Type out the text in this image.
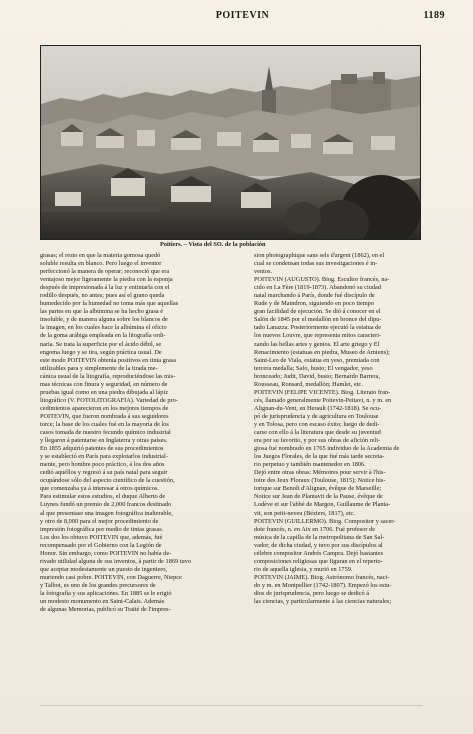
POITEVIN	1189
Poitiers. – Vista del SO. de la población
grasas; el resto en que la materia gomosa quedó
soluble resulta en blanco. Pero luego el inventor
perfeccionó la manera de operar; reconoció que era
ventajoso mejor ligeramente la piedra con la esponja
después de impresionada á la luz y entintarla con el
rodillo después, no antes; pues así el grano queda
humedecido por la humedad no toma más que aquellas
las partes en que la albúmina se ha hecho grasa é
insoluble, y de manera alguna sobre los blancos de
la imagen, en los cuales hace la albúmina el oficio
de la goma arábiga empleada en la litografía ordi-
naria. Se trata la superficie por el ácido débil, se
engoma luego y se tira, según práctica usual. De
este modo POITEVIN obtenía positivos en tinta grasa
utilizables para y simplemente de la tirada me-
cánica usual de la litografía, reproduciéndose las mis-
mas técnicas con finura y seguridad, en número de
pruebas igual como en una piedra dibujada al lápiz
litográfico (V. FOTOLITOGRAFÍA). Variedad de pro-
cedimientos aparecieron en los mejores tiempos de
POITEVIN, que fueron nombrada á sus seguidores
torce; la base de los cuales fué en la mayoría de los
casos tomada de nuestro fecundo químico industrial
y llegaron á patentarse en Inglaterra y otras países.
En 1855 adquirió patentes de sus procedimientos
y se estableció en París para explotarlos industrial-
mente, pero hombre poco práctico, á los dos años
cedió aquéllos y regresó á su país natal para seguir
ocupándose sólo del aspecto científico de la cuestión,
que comenzaba ya á interesar á otros químicos.
Para estimular estos estudios, el duque Alberto de
Luynes fundó un premio de 2,000 francos destinado
al que presentase una imagen fotográfica inalterable,
y otro de 8,000 para el mejor procedimiento de
impresión fotográfica por medio de tintas grasas.
Los dos los obtuvo POITEVIN que, además, fué
recompensado por el Gobierno con la Legión de
Honor. Sin embargo, como POITEVIN no había de-
rivado utilidad alguna de sus inventos, á partir de 1869 tuvo
que aceptar modestamente un puesto de ingeniero,
muriendo casi pobre. POITEVIN, con Daguerre, Niepce
y Talbot, es uno de los grandes precursores de
la fotografía y sus aplicaciones. En 1885 se le erigió
un modesto monumento en Saint-Calais. Además
de algunas Memorias, publicó su Traité de l'impres-
sion photographique sans sels d'argent (1862), en el
cual se condensan todas sus investigaciones é in-
ventos.
POITEVIN (AUGUSTO). Biog. Escultor francés, na-
cido en La Fère (1819-1873). Abandonó su ciudad
natal marchando á París, donde fué discípulo de
Rude y de Maindron, siguiendo en poco tiempo
gran facilidad de ejecución. Se dió á conocer en el
Salón de 1845 por el medallón en bronce del dipu-
tado Lanazza. Posteriormente ejecutó la estatua de
los nuevos Louvre, que representa mitos caracteri-
zando las bellas artes y genios. El arte griego y El
Renacimiento (estatuas en piedra, Museo de Amiens);
Saint-Leo de Viala, estatua en yeso, premiada con
tercera medalla; Safo, busto; El vengador, yeso
bronceado; Judit, David, busto; Bernardo Barrera,
Rousseau, Ronsard, medallón; Hamlet, etc.
POITEVIN (FELIPE VICENTE). Biog. Literato fran-
cés, llamado generalmente Poitevin-Peitavi, n. y m. en
Alignan-du-Vent, en Herault (1742-1818). Se ocu-
pó de jurisprudencia y de agricultura en Toulouse
y en Tolosa, pero con escaso éxito; luego de dedi-
carse con ello á la literatura que desde su juventud
era por su favorito, y por sus obras de afición reli-
giosa fué nombrado en 1765 individuo de la Academia de
los Juegos Florales, de la que fué más tarde secreta-
rio perpetuo y también mantenedor en 1806.
Dejó entre otras obras: Mémoires pour servir à l'his-
toire des Jeux Floraux (Toulouse, 1815); Notice his-
torique sur Benoît d'Alignan, évêque de Marseille;
Notice sur Jean de Plantavit de la Pause, évêque de
Lodève et sur l'abbé de Margon, Guillaume de Planta-
vit, son petit-neveu (Béziers, 1817), etc.
POITEVIN (GUILLERMO). Biog. Compositor y sacer-
dote francés, n. en Aix en 1706. Fué profesor de
música de la capilla de la metropolitana de San Sal-
vador, de dicha ciudad, y tuvo por sus discípulos al
célebre compositor Andrés Campra. Dejó bastantes
composiciones religiosas que figuran en el reperto-
rio de aquella iglesia, y murió en 1759.
POITEVIN (JAIME). Biog. Astrónomo francés, naci-
do y m. en Montpellier (1742-1807). Empezó los estu-
dios de jurisprudencia, pero luego se dedicó á
las ciencias, y particularmente á las ciencias naturales;
